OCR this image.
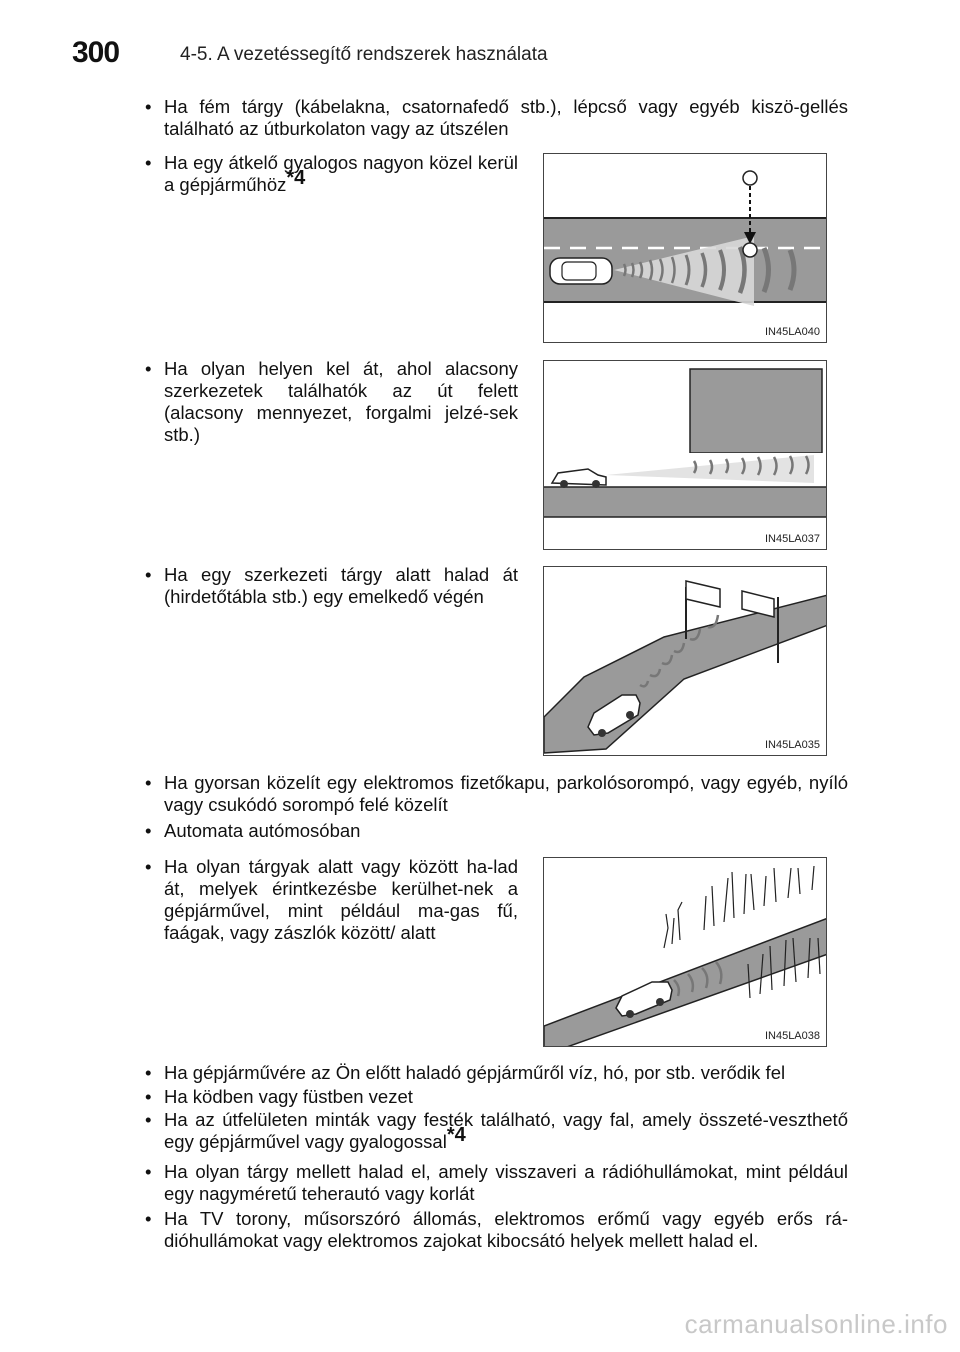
300	4-5. A vezetéssegítő rendszerek használata
• Ha fém tárgy (kábelakna, csatornafedő stb.), lépcső vagy egyéb kiszö-gellés található az útburkolaton vagy az útszélen
• Ha egy átkelő gyalogos nagyon közel kerül a gépjárműhöz*4
IN45LA040
• Ha olyan helyen kel át, ahol alacsony szerkezetek találhatók az út felett (alacsony mennyezet, forgalmi jelzé-sek stb.)
IN45LA037
• Ha egy szerkezeti tárgy alatt halad át (hirdetőtábla stb.) egy emelkedő végén
IN45LA035
• Ha gyorsan közelít egy elektromos fizetőkapu, parkolósorompó, vagy egyéb, nyíló vagy csukódó sorompó felé közelít
• Automata autómosóban
• Ha olyan tárgyak alatt vagy között ha-lad át, melyek érintkezésbe kerülhet-nek a gépjárművel, mint például ma-gas fű, faágak, vagy zászlók között/ alatt
IN45LA038
• Ha gépjárművére az Ön előtt haladó gépjárműről víz, hó, por stb. verődik fel
• Ha ködben vagy füstben vezet
• Ha az útfelületen minták vagy festék található, vagy fal, amely összeté-veszthető egy gépjárművel vagy gyalogossal*4
• Ha olyan tárgy mellett halad el, amely visszaveri a rádióhullámokat, mint például egy nagyméretű teherautó vagy korlát
• Ha TV torony, műsorszóró állomás, elektromos erőmű vagy egyéb erős rá-dióhullámokat vagy elektromos zajokat kibocsátó helyek mellett halad el.
carmanualsonline.info
